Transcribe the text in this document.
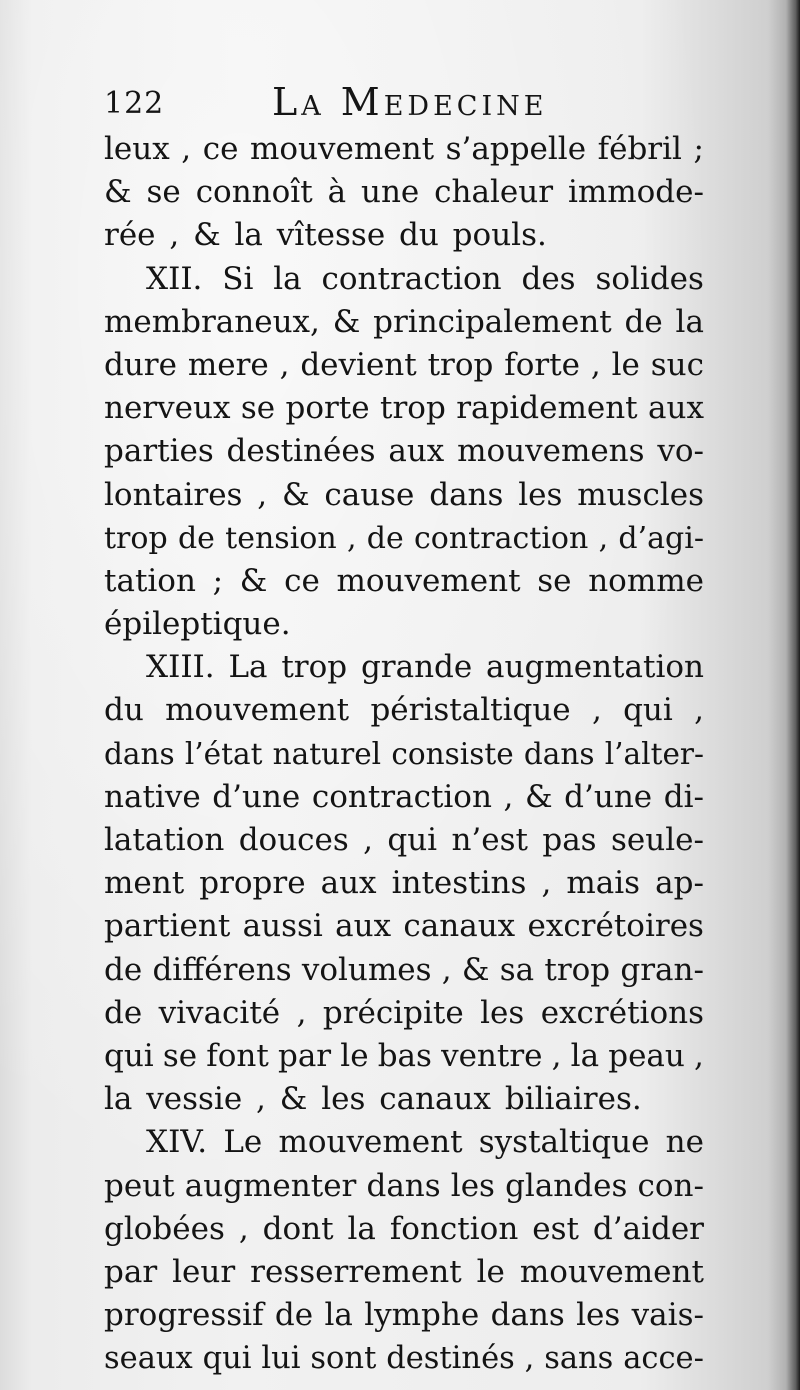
122	La Medecine
leux , ce mouvement s’appelle fébril ;
& se connoît à une chaleur immode-
rée , & la vîtesse du pouls.
XII. Si la contraction des solides
membraneux, & principalement de la
dure mere , devient trop forte , le suc
nerveux se porte trop rapidement aux
parties destinées aux mouvemens vo-
lontaires , & cause dans les muscles
trop de tension , de contraction , d’agi-
tation ; & ce mouvement se nomme
épileptique.
XIII. La trop grande augmentation
du mouvement péristaltique , qui ,
dans l’état naturel consiste dans l’alter-
native d’une contraction , & d’une di-
latation douces , qui n’est pas seule-
ment propre aux intestins , mais ap-
partient aussi aux canaux excrétoires
de différens volumes , & sa trop gran-
de vivacité , précipite les excrétions
qui se font par le bas ventre , la peau ,
la vessie , & les canaux biliaires.
XIV. Le mouvement systaltique ne
peut augmenter dans les glandes con-
globées , dont la fonction est d’aider
par leur resserrement le mouvement
progressif de la lymphe dans les vais-
seaux qui lui sont destinés , sans acce-
